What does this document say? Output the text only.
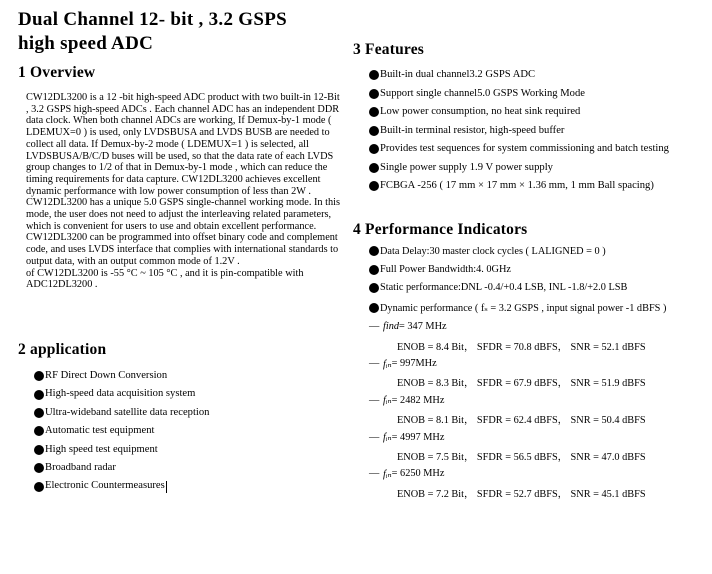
Dual Channel 12- bit , 3.2 GSPS
high speed ADC
1 Overview

CW12DL3200 is a 12 -bit high-speed ADC product with two built-in 12-Bit , 3.2 GSPS high-speed ADCs . Each channel ADC has an independent DDR data clock. When both channel ADCs are working, If Demux-by-1 mode ( LDEMUX=0 ) is used, only LVDSBUSA and LVDS BUSB are needed to collect all data. If Demux-by-2 mode ( LDEMUX=1 ) is selected, all LVDSBUSA/B/C/D buses will be used, so that the data rate of each LVDS group changes to 1/2 of that in Demux-by-1 mode , which can reduce the timing requirements for data capture. CW12DL3200 achieves excellent dynamic performance with low power consumption of less than 2W .

CW12DL3200 has a unique 5.0 GSPS single-channel working mode. In this mode, the user does not need to adjust the interleaving related parameters, which is convenient for users to use and obtain excellent performance.

CW12DL3200 can be programmed into offset binary code and complement code, and uses LVDS interface that complies with international standards to output data, with an output common mode of 1.2V .

of CW12DL3200 is -55 °C ~ 105 °C , and it is pin-compatible with ADC12DL3200 .

2 application
RF Direct Down Conversion
High-speed data acquisition system
Ultra-wideband satellite data reception
Automatic test equipment
High speed test equipment
Broadband radar
Electronic Countermeasures
3 Features
Built-in dual channel3.2 GSPS ADC
Support single channel5.0 GSPS Working Mode
Low power consumption, no heat sink required
Built-in terminal resistor, high-speed buffer
Provides test sequences for system commissioning and batch testing
Single power supply 1.9 V power supply
FCBGA -256 ( 17 mm × 17 mm × 1.36 mm, 1 mm Ball spacing)
4 Performance Indicators
Data Delay:30 master clock cycles ( LALIGNED = 0 )
Full Power Bandwidth:4. 0GHz
Static performance:DNL -0.4/+0.4 LSB, INL -1.8/+2.0 LSB
Dynamic performance ( fₛ = 3.2 GSPS , input signal power -1 dBFS )
— find = 347 MHz
ENOB = 8.4 Bit， SFDR = 70.8 dBFS， SNR = 52.1 dBFS
— fᵢₙ = 997MHz
ENOB = 8.3 Bit， SFDR = 67.9 dBFS， SNR = 51.9 dBFS
— fᵢₙ = 2482 MHz
ENOB = 8.1 Bit， SFDR = 62.4 dBFS， SNR = 50.4 dBFS
— fᵢₙ = 4997 MHz
ENOB = 7.5 Bit， SFDR = 56.5 dBFS， SNR = 47.0 dBFS
— fᵢₙ = 6250 MHz
ENOB = 7.2 Bit， SFDR = 52.7 dBFS， SNR = 45.1 dBFS
